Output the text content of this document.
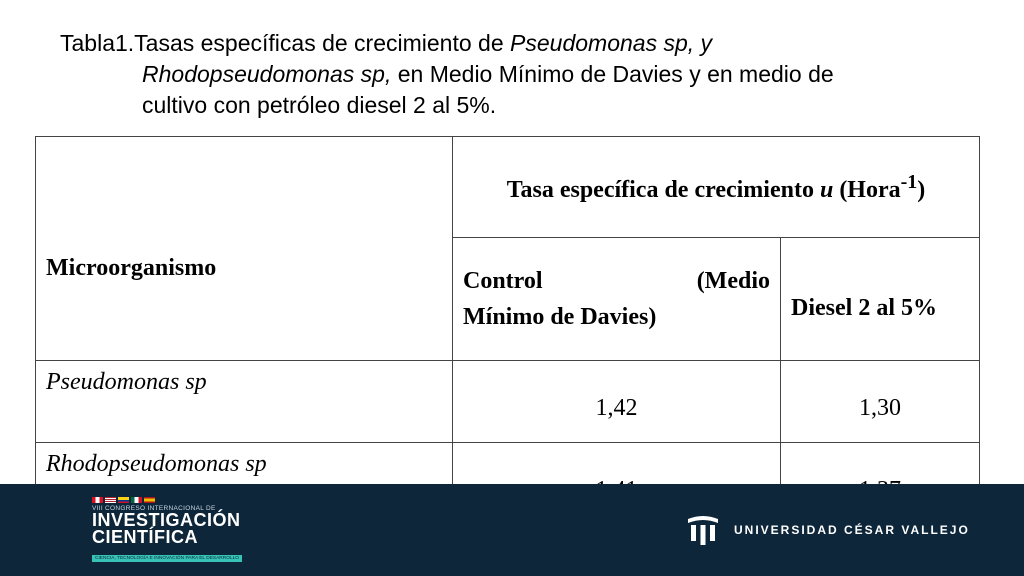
Tabla1.Tasas específicas de crecimiento de Pseudomonas sp, y
Rhodopseudomonas sp, en Medio Mínimo de Davies y en medio de
cultivo con petróleo diesel 2 al 5%.
Microorganismo	Tasa específica de crecimiento u (Hora$^{-1}$)	

	Control (Medio
Mínimo de Davies)	Diesel 2 al 5%
Pseudomonas sp	1,42	1,30
Rhodopseudomonas sp		
VIII CONGRESO INTERNACIONAL DE
INVESTIGACIÓN
CIENTÍFICA
CIENCIA, TECNOLOGÍA E INNOVACIÓN PARA EL DESARROLLO
UNIVERSIDAD CÉSAR VALLEJO
